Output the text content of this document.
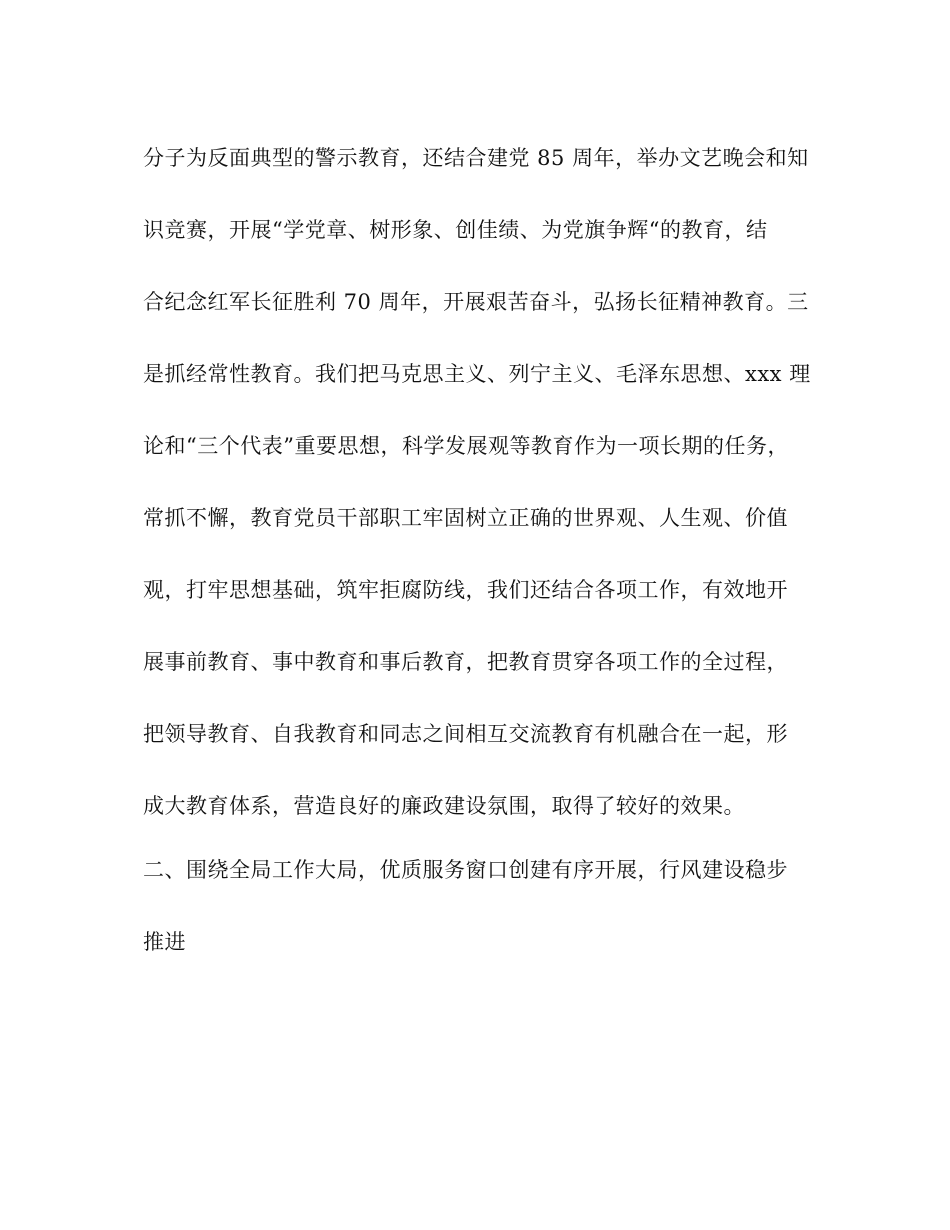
分子为反面典型的警示教育，还结合建党 85 周年，举办文艺晚会和知

识竞赛，开展“学党章、树形象、创佳绩、为党旗争辉“的教育，结

合纪念红军长征胜利 70 周年，开展艰苦奋斗，弘扬长征精神教育。三

是抓经常性教育。我们把马克思主义、列宁主义、毛泽东思想、xxx 理

论和“三个代表”重要思想，科学发展观等教育作为一项长期的任务，

常抓不懈，教育党员干部职工牢固树立正确的世界观、人生观、价值

观，打牢思想基础，筑牢拒腐防线，我们还结合各项工作，有效地开

展事前教育、事中教育和事后教育，把教育贯穿各项工作的全过程，

把领导教育、自我教育和同志之间相互交流教育有机融合在一起，形

成大教育体系，营造良好的廉政建设氛围，取得了较好的效果。

二、围绕全局工作大局，优质服务窗口创建有序开展，行风建设稳步

推进
